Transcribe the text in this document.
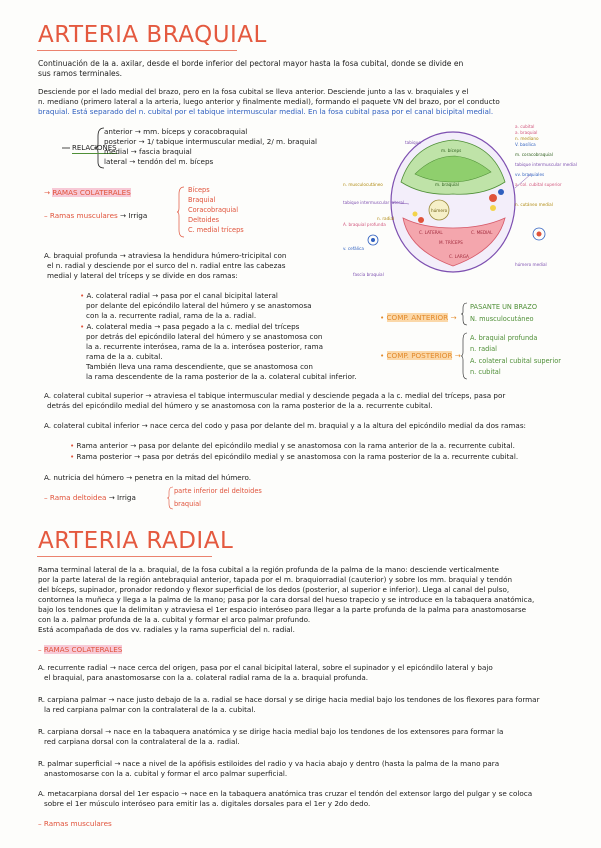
ARTERIA BRAQUIAL
Continuación de la a. axilar, desde el borde inferior del pectoral mayor hasta la fosa cubital, donde se divide en
sus ramos terminales.
Desciende por el lado medial del brazo, pero en la fosa cubital se lleva anterior. Desciende junto a las v. braquiales y el
n. mediano (primero lateral a la arteria, luego anterior y finalmente medial), formando el paquete VN del brazo, por el conducto
braquial. Está separado del n. cubital por el tabique intermuscular medial. En la fosa cubital pasa por el canal bicipital medial.
RELACIONES
anterior → mm. bíceps y coracobraquial
posterior → 1/ tabique intermuscular medial, 2/ m. braquial
medial → fascia braquial
lateral → tendón del m. bíceps
→ RAMAS COLATERALES
– Ramas musculares → Irriga
Bíceps
Braquial
Coracobraquial
Deltoides
C. medial tríceps
A. braquial profunda → atraviesa la hendidura húmero-tricipital con
el n. radial y desciende por el surco del n. radial entre las cabezas
medial y lateral del tríceps y se divide en dos ramas:
• A. colateral radial → pasa por el canal bicipital lateral
por delante del epicóndilo lateral del húmero y se anastomosa
con la a. recurrente radial, rama de la a. radial.
• A. colateral media → pasa pegado a la c. medial del tríceps
por detrás del epicóndilo lateral del húmero y se anastomosa con
la a. recurrente interósea, rama de la a. interósea posterior, rama
rama de la a. cubital.
También lleva una rama descendiente, que se anastomosa con
la rama descendente de la rama posterior de la a. colateral cubital inferior.
• COMP. ANTERIOR →
PASANTE UN BRAZO
N. musculocutáneo
• COMP. POSTERIOR →
A. braquial profunda
n. radial
A. colateral cubital superior
n. cubital
A. colateral cubital superior → atraviesa el tabique intermuscular medial y desciende pegada a la c. medial del tríceps, pasa por
detrás del epicóndilo medial del húmero y se anastomosa con la rama posterior de la a. recurrente cubital.
A. colateral cubital inferior → nace cerca del codo y pasa por delante del m. braquial y a la altura del epicóndilo medial da dos ramas:
• Rama anterior → pasa por delante del epicóndilo medial y se anastomosa con la rama anterior de la a. recurrente cubital.
• Rama posterior → pasa por detrás del epicóndilo medial y se anastomosa con la rama posterior de la a. recurrente cubital.
A. nutricia del húmero → penetra en la mitad del húmero.
– Rama deltoidea → Irriga
parte inferior del deltoides
braquial
a. cubital
a. braquial
n. mediano
V. basílica
tabique
m. bíceps
m. coracobraquial
m. braquial
tabique intermuscular medial
tabique intermuscular lateral
húmero
M. TRÍCEPS
C. LATERAL	C. MEDIAL
C. LARGA
n. radial
vv. braquiales
a. col. cubital superior
n. musculocutáneo
v. cefálica
fascia braquial
A. braquial profunda
n. cutáneo medial
húmero medial
ARTERIA RADIAL
Rama terminal lateral de la a. braquial, de la fosa cubital a la región profunda de la palma de la mano: desciende verticalmente
por la parte lateral de la región antebraquial anterior, tapada por el m. braquiorradial (cauterior) y sobre los mm. braquial y tendón
del bíceps, supinador, pronador redondo y flexor superficial de los dedos (posterior, al superior e inferior). Llega al canal del pulso,
contornea la muñeca y llega a la palma de la mano; pasa por la cara dorsal del hueso trapecio y se introduce en la tabaquera anatómica,
bajo los tendones que la delimitan y atraviesa el 1er espacio interóseo para llegar a la parte profunda de la palma para anastomosarse
con la a. palmar profunda de la a. cubital y formar el arco palmar profundo.
Está acompañada de dos vv. radiales y la rama superficial del n. radial.
– RAMAS COLATERALES
A. recurrente radial → nace cerca del origen, pasa por el canal bicipital lateral, sobre el supinador y el epicóndilo lateral y bajo
el braquial, para anastomosarse con la a. colateral radial rama de la a. braquial profunda.
R. carpiana palmar → nace justo debajo de la a. radial se hace dorsal y se dirige hacia medial bajo los tendones de los flexores para formar
la red carpiana palmar con la contralateral de la a. cubital.
R. carpiana dorsal → nace en la tabaquera anatómica y se dirige hacia medial bajo los tendones de los extensores para formar la
red carpiana dorsal con la contralateral de la a. radial.
R. palmar superficial → nace a nivel de la apófisis estiloides del radio y va hacia abajo y dentro (hasta la palma de la mano para
anastomosarse con la a. cubital y formar el arco palmar superficial.
A. metacarpiana dorsal del 1er espacio → nace en la tabaquera anatómica tras cruzar el tendón del extensor largo del pulgar y se coloca
sobre el 1er músculo interóseo para emitir las a. digitales dorsales para el 1er y 2do dedo.
– Ramas musculares
